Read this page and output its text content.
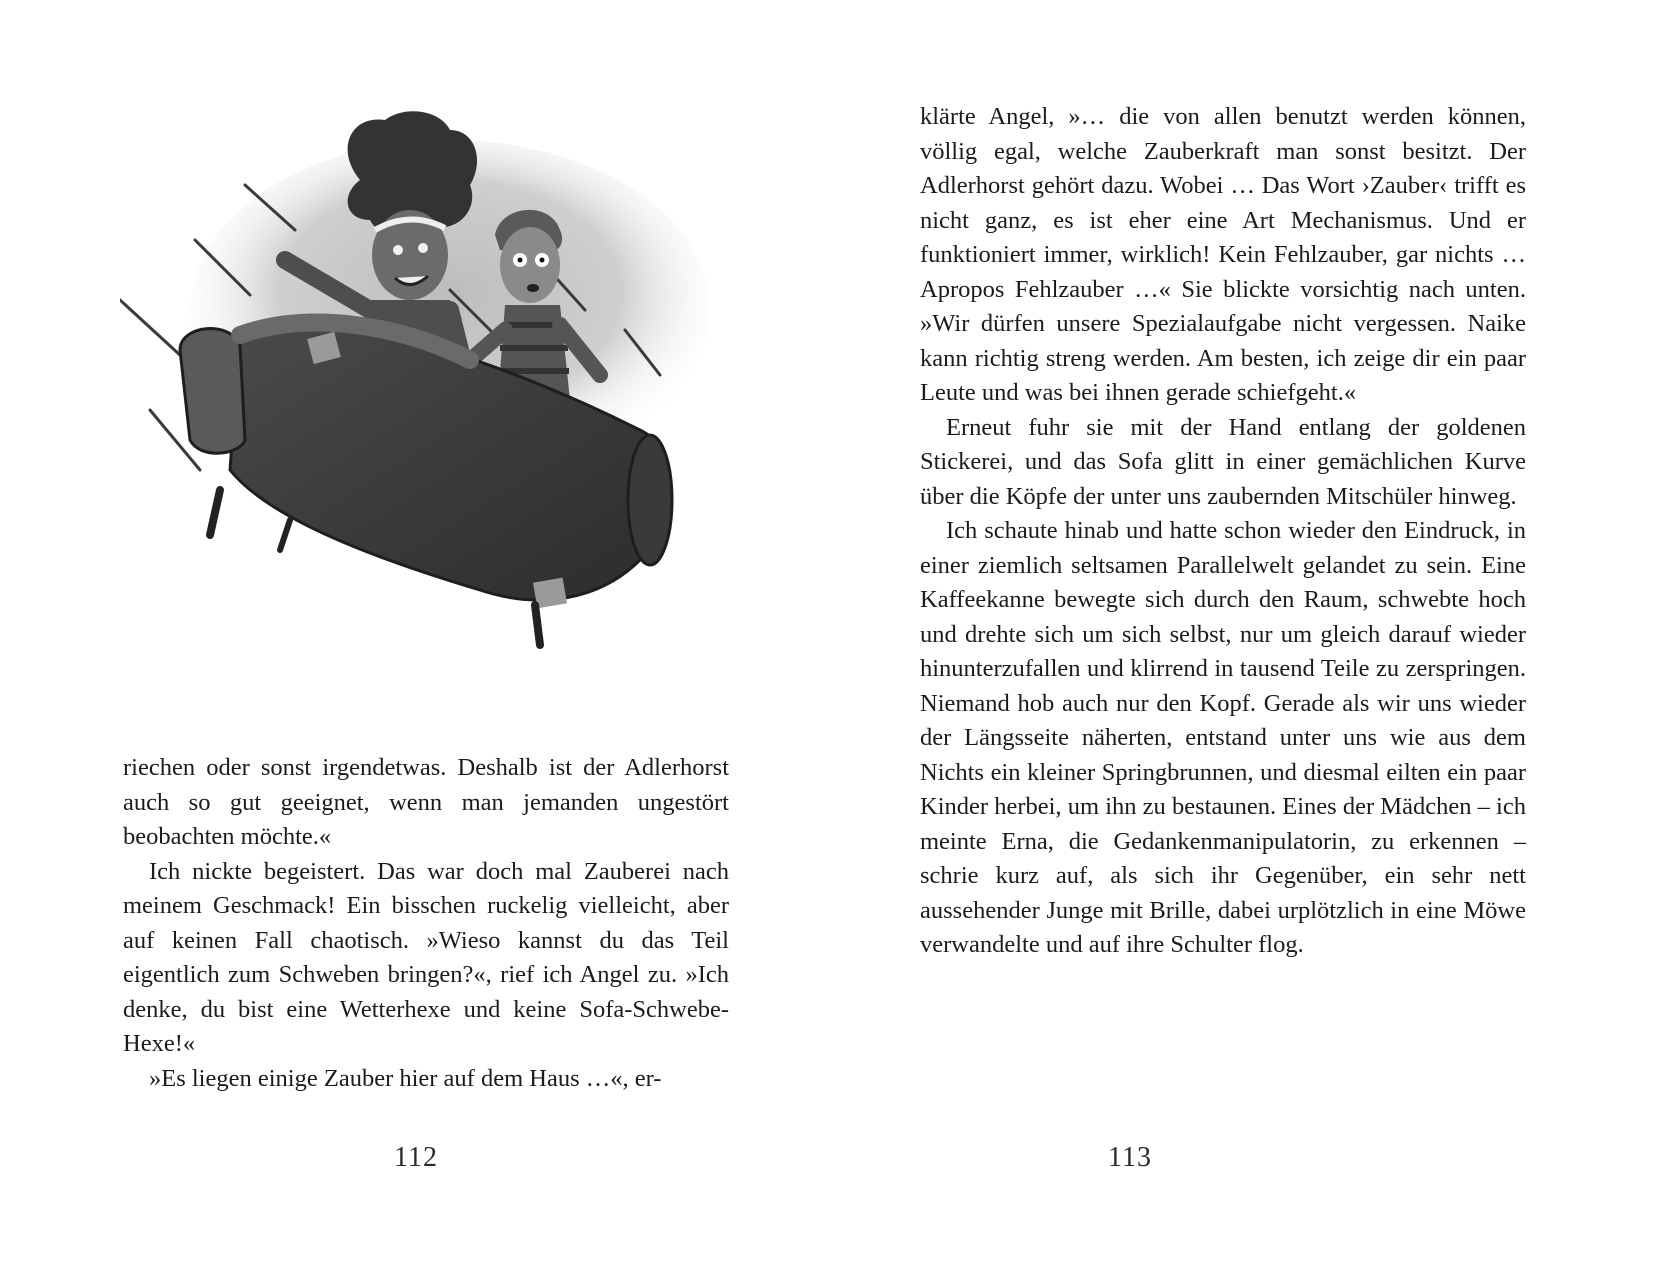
riechen oder sonst irgendetwas. Deshalb ist der Adlerhorst auch so gut geeignet, wenn man jemanden ungestört beobachten möchte.«

Ich nickte begeistert. Das war doch mal Zauberei nach meinem Geschmack! Ein bisschen ruckelig vielleicht, aber auf keinen Fall chaotisch. »Wieso kannst du das Teil eigentlich zum Schweben bringen?«, rief ich Angel zu. »Ich denke, du bist eine Wetterhexe und keine Sofa-Schwebe-Hexe!«

»Es liegen einige Zauber hier auf dem Haus …«, er-

112

klärte Angel, »… die von allen benutzt werden können, völlig egal, welche Zauberkraft man sonst besitzt. Der Adlerhorst gehört dazu. Wobei … Das Wort ›Zauber‹ trifft es nicht ganz, es ist eher eine Art Mechanismus. Und er funktioniert immer, wirklich! Kein Fehlzauber, gar nichts … Apropos Fehlzauber …« Sie blickte vorsichtig nach unten. »Wir dürfen unsere Spezialaufgabe nicht vergessen. Naike kann richtig streng werden. Am besten, ich zeige dir ein paar Leute und was bei ihnen gerade schiefgeht.«

Erneut fuhr sie mit der Hand entlang der goldenen Stickerei, und das Sofa glitt in einer gemächlichen Kurve über die Köpfe der unter uns zaubernden Mitschüler hinweg.

Ich schaute hinab und hatte schon wieder den Eindruck, in einer ziemlich seltsamen Parallelwelt gelandet zu sein. Eine Kaffeekanne bewegte sich durch den Raum, schwebte hoch und drehte sich um sich selbst, nur um gleich darauf wieder hinunterzufallen und klirrend in tausend Teile zu zerspringen. Niemand hob auch nur den Kopf. Gerade als wir uns wieder der Längsseite näherten, entstand unter uns wie aus dem Nichts ein kleiner Springbrunnen, und diesmal eilten ein paar Kinder herbei, um ihn zu bestaunen. Eines der Mädchen – ich meinte Erna, die Gedankenmanipulatorin, zu erkennen – schrie kurz auf, als sich ihr Gegenüber, ein sehr nett aussehender Junge mit Brille, dabei urplötzlich in eine Möwe verwandelte und auf ihre Schulter flog.

113
